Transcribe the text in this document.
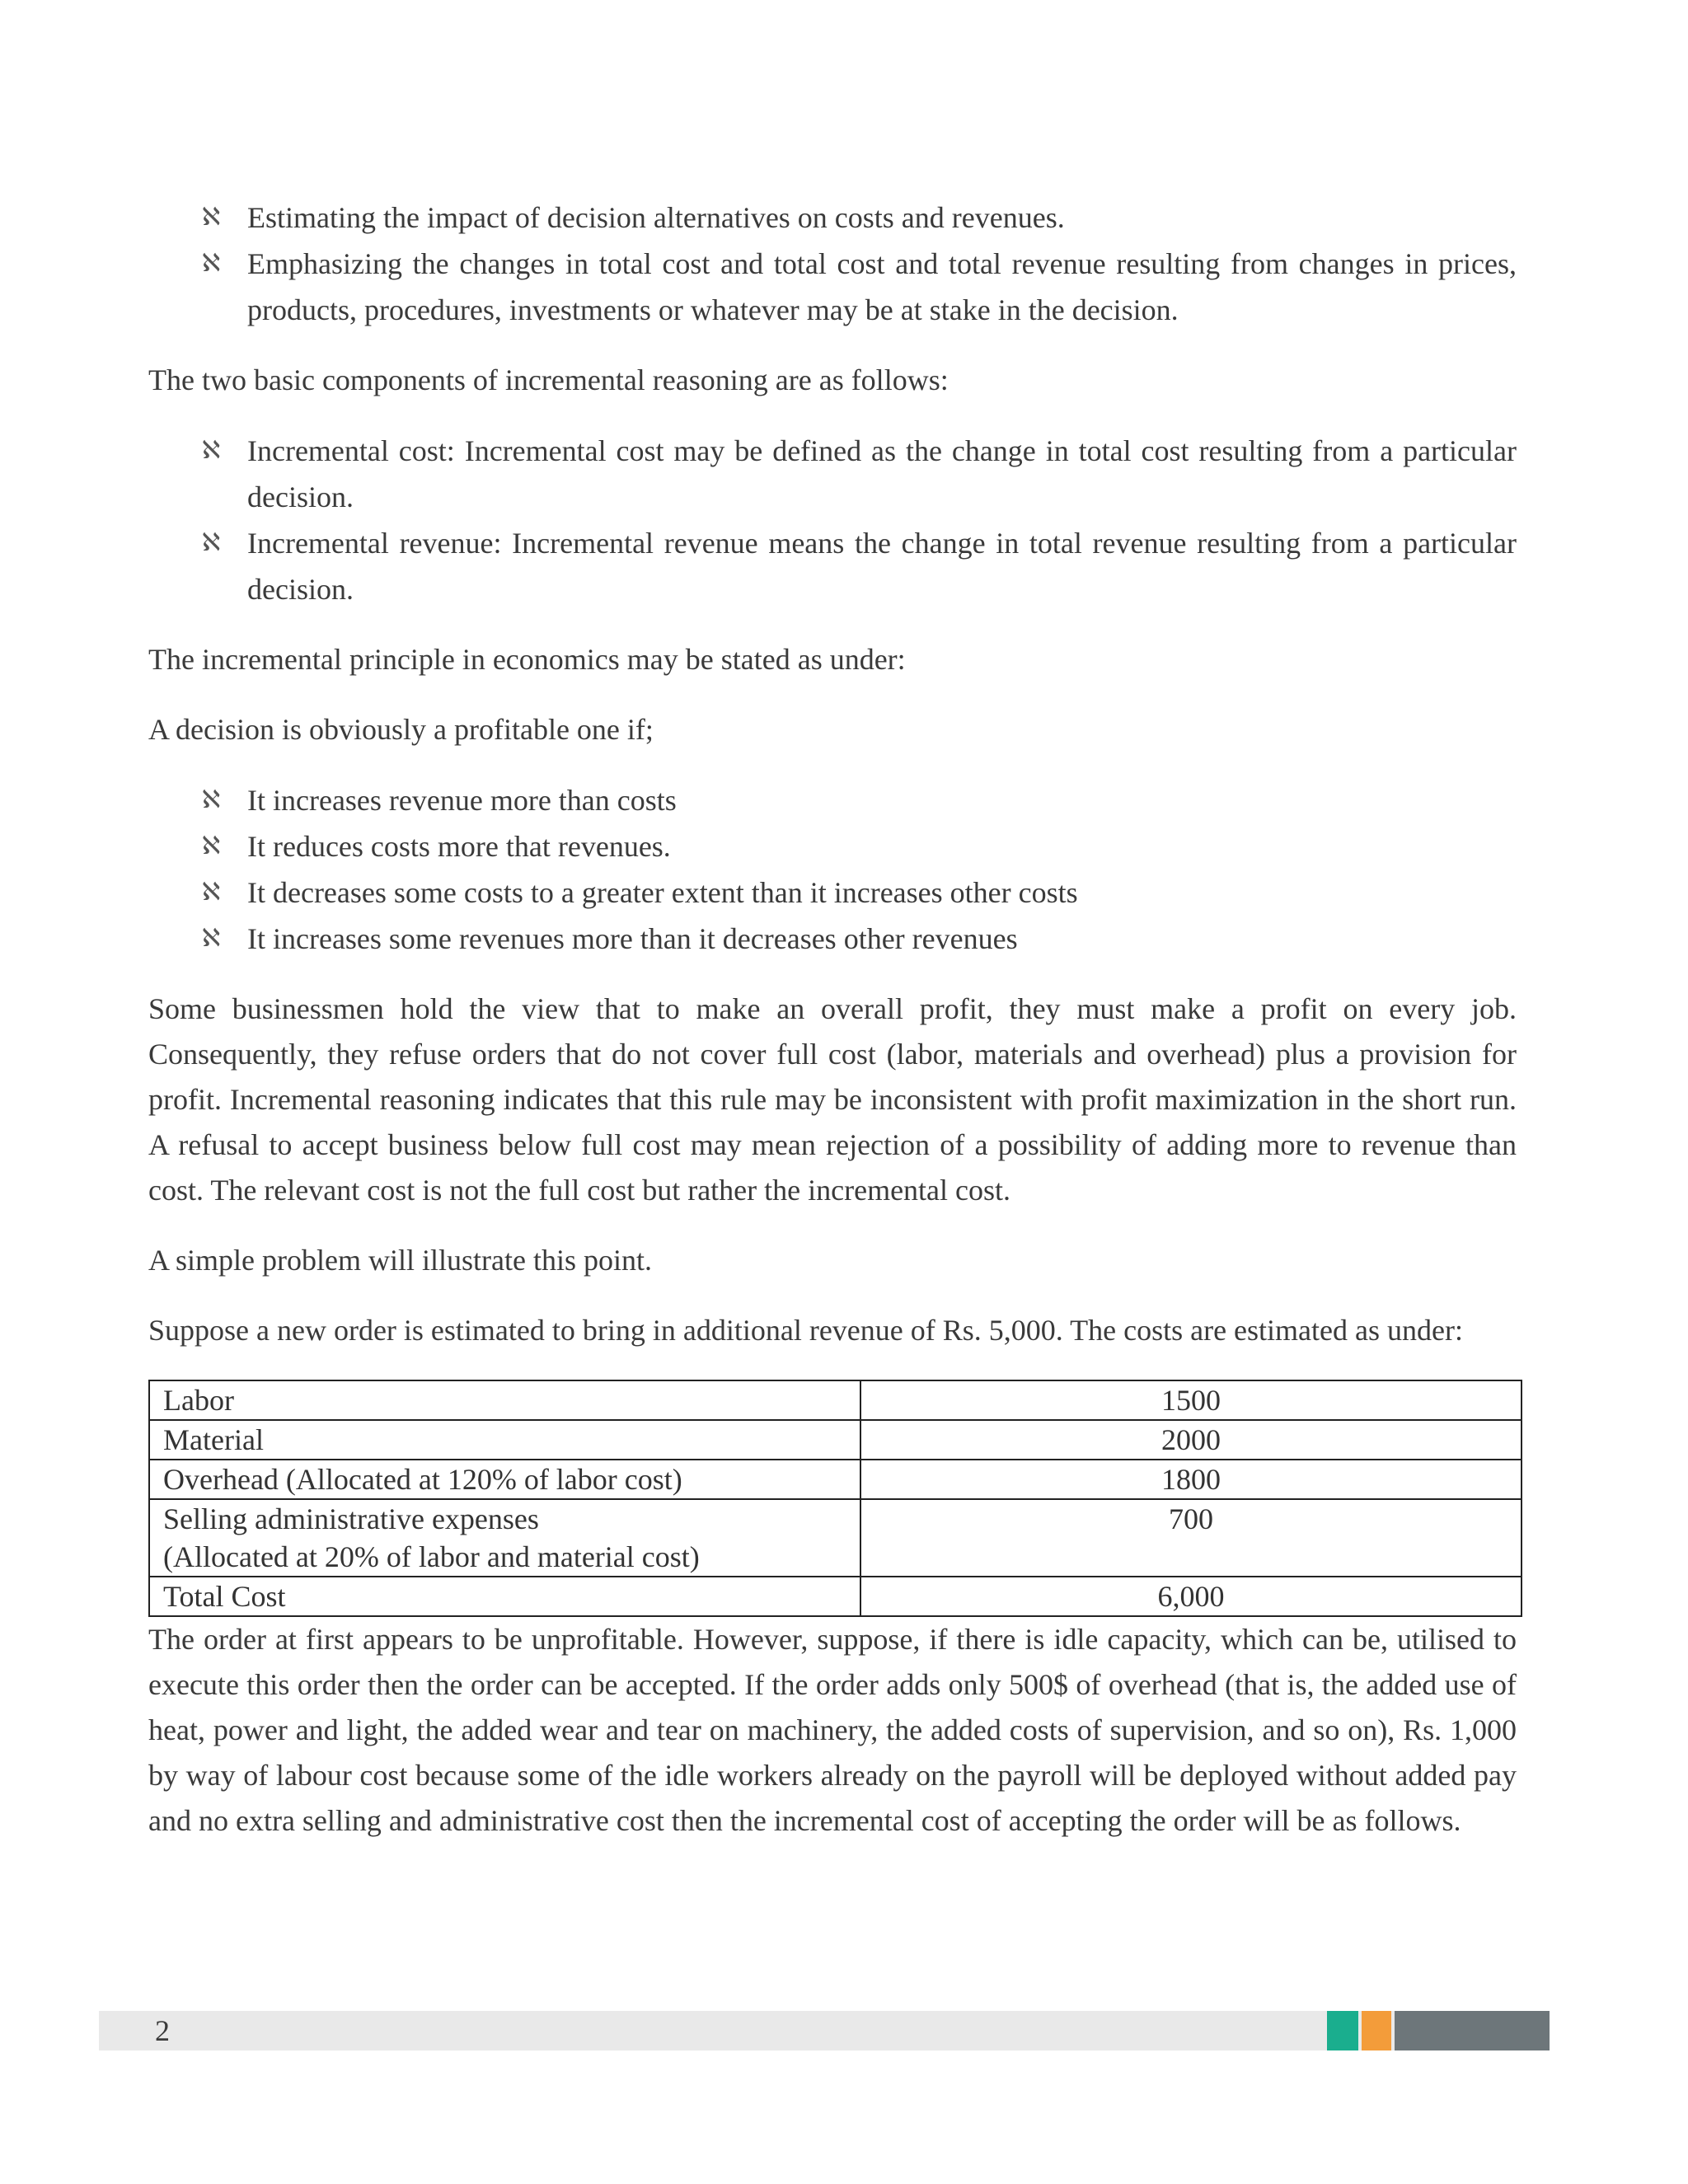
ℵ Estimating the impact of decision alternatives on costs and revenues.
ℵ Emphasizing the changes in total cost and total cost and total revenue resulting from changes in prices, products, procedures, investments or whatever may be at stake in the decision.

The two basic components of incremental reasoning are as follows:

ℵ Incremental cost: Incremental cost may be defined as the change in total cost resulting from a particular decision.
ℵ Incremental revenue: Incremental revenue means the change in total revenue resulting from a particular decision.

The incremental principle in economics may be stated as under:

A decision is obviously a profitable one if;

ℵ It increases revenue more than costs
ℵ It reduces costs more that revenues.
ℵ It decreases some costs to a greater extent than it increases other costs
ℵ It increases some revenues more than it decreases other revenues

Some businessmen hold the view that to make an overall profit, they must make a profit on every job. Consequently, they refuse orders that do not cover full cost (labor, materials and overhead) plus a provision for profit. Incremental reasoning indicates that this rule may be inconsistent with profit maximization in the short run. A refusal to accept business below full cost may mean rejection of a possibility of adding more to revenue than cost. The relevant cost is not the full cost but rather the incremental cost.

A simple problem will illustrate this point.

Suppose a new order is estimated to bring in additional revenue of Rs. 5,000. The costs are estimated as under:

Labor	1500
Material	2000
Overhead (Allocated at 120% of labor cost)	1800
Selling administrative expenses
(Allocated at 20% of labor and material cost)	700
Total Cost	6,000

The order at first appears to be unprofitable. However, suppose, if there is idle capacity, which can be, utilised to execute this order then the order can be accepted. If the order adds only 500$ of overhead (that is, the added use of heat, power and light, the added wear and tear on machinery, the added costs of supervision, and so on), Rs. 1,000 by way of labour cost because some of the idle workers already on the payroll will be deployed without added pay and no extra selling and administrative cost then the incremental cost of accepting the order will be as follows.

2
